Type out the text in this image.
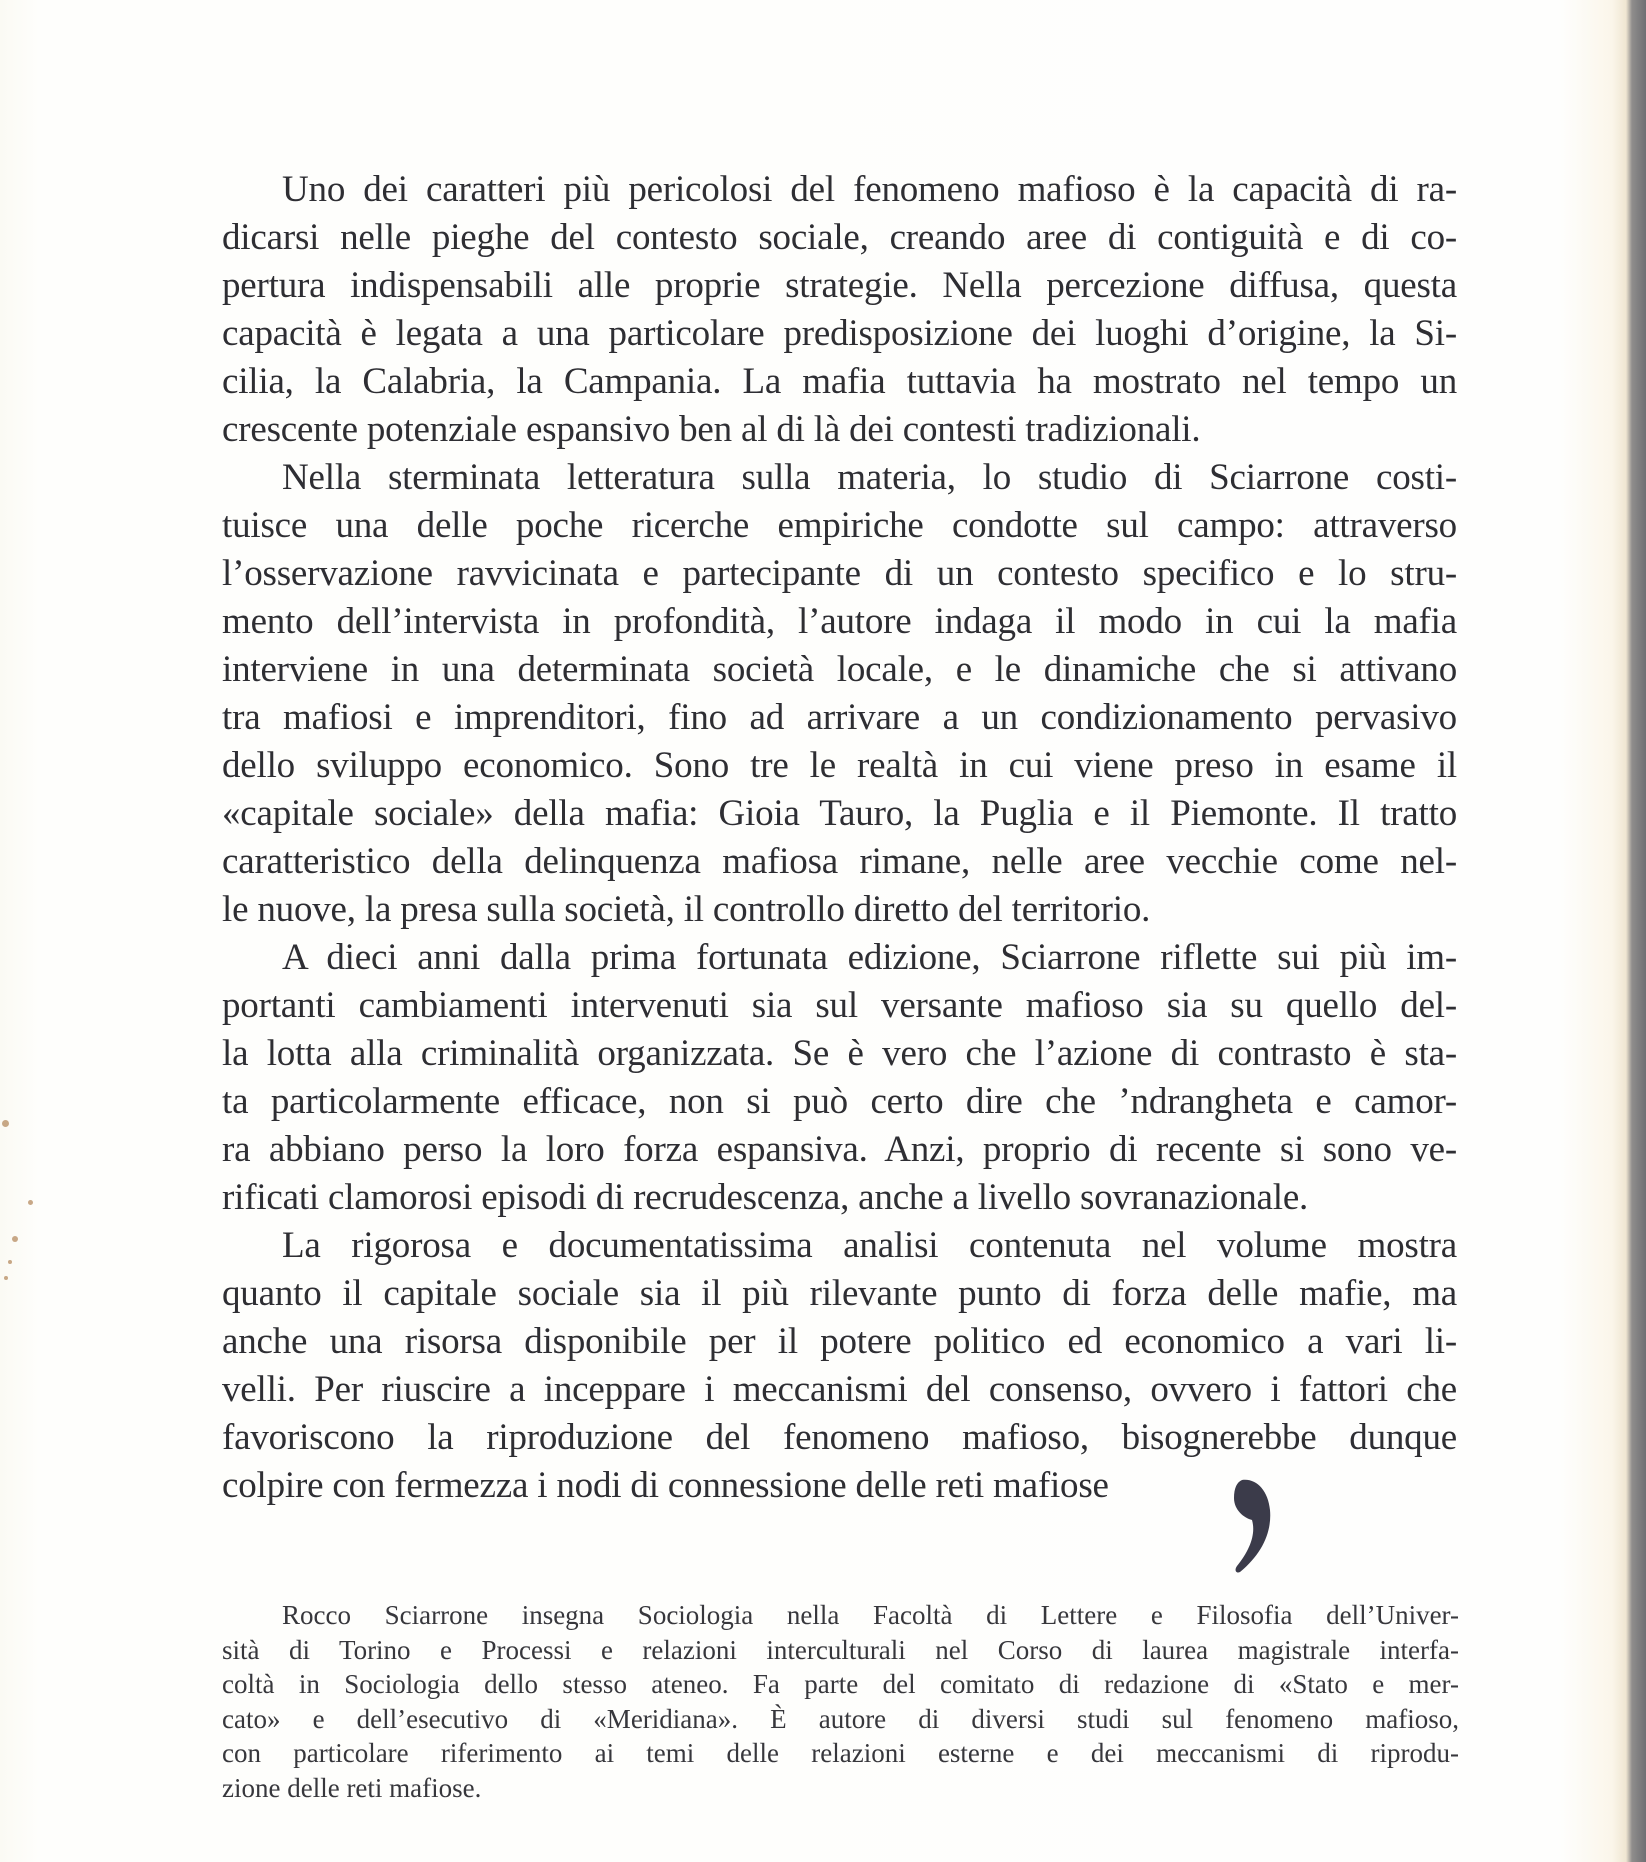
Uno dei caratteri più pericolosi del fenomeno mafioso è la capacità di ra-
dicarsi nelle pieghe del contesto sociale, creando aree di contiguità e di co-
pertura indispensabili alle proprie strategie. Nella percezione diffusa, questa
capacità è legata a una particolare predisposizione dei luoghi d’origine, la Si-
cilia, la Calabria, la Campania. La mafia tuttavia ha mostrato nel tempo un
crescente potenziale espansivo ben al di là dei contesti tradizionali.

Nella sterminata letteratura sulla materia, lo studio di Sciarrone costi-
tuisce una delle poche ricerche empiriche condotte sul campo: attraverso
l’osservazione ravvicinata e partecipante di un contesto specifico e lo stru-
mento dell’intervista in profondità, l’autore indaga il modo in cui la mafia
interviene in una determinata società locale, e le dinamiche che si attivano
tra mafiosi e imprenditori, fino ad arrivare a un condizionamento pervasivo
dello sviluppo economico. Sono tre le realtà in cui viene preso in esame il
«capitale sociale» della mafia: Gioia Tauro, la Puglia e il Piemonte. Il tratto
caratteristico della delinquenza mafiosa rimane, nelle aree vecchie come nel-
le nuove, la presa sulla società, il controllo diretto del territorio.

A dieci anni dalla prima fortunata edizione, Sciarrone riflette sui più im-
portanti cambiamenti intervenuti sia sul versante mafioso sia su quello del-
la lotta alla criminalità organizzata. Se è vero che l’azione di contrasto è sta-
ta particolarmente efficace, non si può certo dire che ’ndrangheta e camor-
ra abbiano perso la loro forza espansiva. Anzi, proprio di recente si sono ve-
rificati clamorosi episodi di recrudescenza, anche a livello sovranazionale.

La rigorosa e documentatissima analisi contenuta nel volume mostra
quanto il capitale sociale sia il più rilevante punto di forza delle mafie, ma
anche una risorsa disponibile per il potere politico ed economico a vari li-
velli. Per riuscire a inceppare i meccanismi del consenso, ovvero i fattori che
favoriscono la riproduzione del fenomeno mafioso, bisognerebbe dunque
colpire con fermezza i nodi di connessione delle reti mafiose

Rocco Sciarrone insegna Sociologia nella Facoltà di Lettere e Filosofia dell’Univer-
sità di Torino e Processi e relazioni interculturali nel Corso di laurea magistrale interfa-
coltà in Sociologia dello stesso ateneo. Fa parte del comitato di redazione di «Stato e mer-
cato» e dell’esecutivo di «Meridiana». È autore di diversi studi sul fenomeno mafioso,
con particolare riferimento ai temi delle relazioni esterne e dei meccanismi di riprodu-
zione delle reti mafiose.
